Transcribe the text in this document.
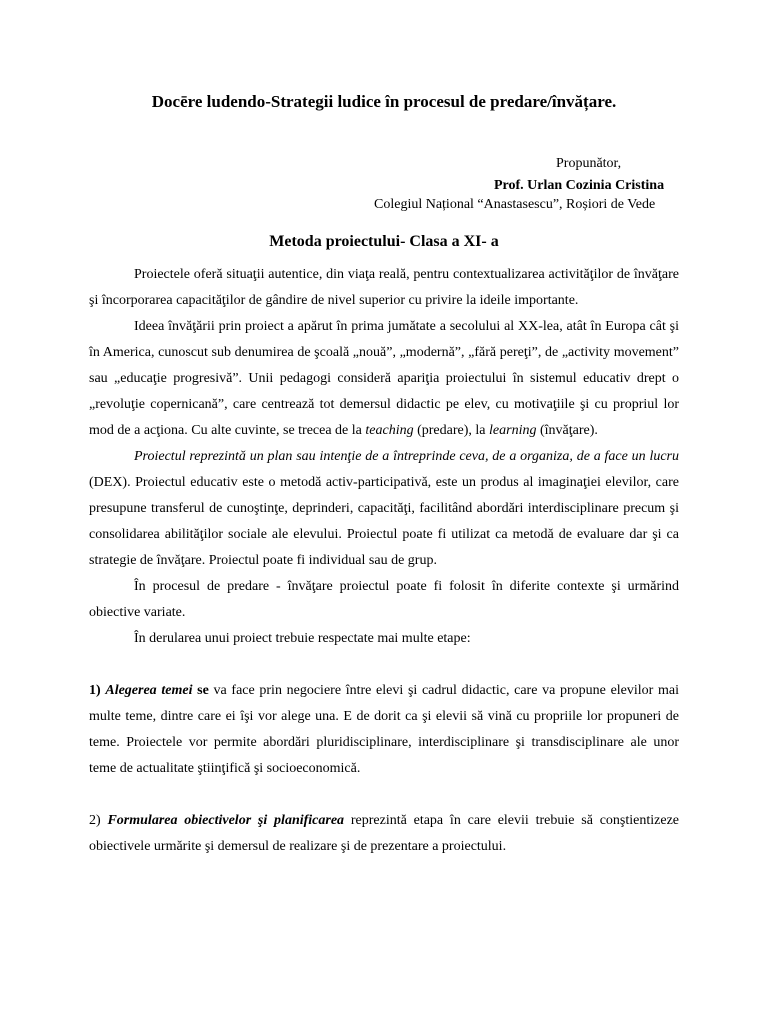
Docēre ludendo-Strategii ludice în procesul de predare/învățare.
Propunător,
Prof. Urlan Cozinia Cristina
Colegiul Național “Anastasescu”, Roșiori de Vede
Metoda proiectului- Clasa a XI- a

Proiectele oferă situaţii autentice, din viaţa reală, pentru contextualizarea activităţilor de învăţare şi încorporarea capacităţilor de gândire de nivel superior cu privire la ideile importante.

Ideea învăţării prin proiect a apărut în prima jumătate a secolului al XX-lea, atât în Europa cât şi în America, cunoscut sub denumirea de şcoală „nouă”, „modernă”, „fără pereţi”, de „activity movement” sau „educaţie progresivă”. Unii pedagogi consideră apariţia proiectului în sistemul educativ drept o „revoluţie copernicană”, care centrează tot demersul didactic pe elev, cu motivaţiile şi cu propriul lor mod de a acţiona. Cu alte cuvinte, se trecea de la teaching (predare), la learning (învăţare).

Proiectul reprezintă un plan sau intenţie de a întreprinde ceva, de a organiza, de a face un lucru (DEX). Proiectul educativ este o metodă activ-participativă, este un produs al imaginaţiei elevilor, care presupune transferul de cunoştinţe, deprinderi, capacităţi, facilitând abordări interdisciplinare precum şi consolidarea abilităţilor sociale ale elevului. Proiectul poate fi utilizat ca metodă de evaluare dar şi ca strategie de învăţare. Proiectul poate fi individual sau de grup.

În procesul de predare - învăţare proiectul poate fi folosit în diferite contexte şi urmărind obiective variate.

În derularea unui proiect trebuie respectate mai multe etape:

1) Alegerea temei se va face prin negociere între elevi şi cadrul didactic, care va propune elevilor mai multe teme, dintre care ei îşi vor alege una. E de dorit ca şi elevii să vină cu propriile lor propuneri de teme. Proiectele vor permite abordări pluridisciplinare, interdisciplinare şi transdisciplinare ale unor teme de actualitate ştiinţifică şi socioeconomică.

2) Formularea obiectivelor şi planificarea reprezintă etapa în care elevii trebuie să conştientizeze obiectivele urmărite şi demersul de realizare şi de prezentare a proiectului.
